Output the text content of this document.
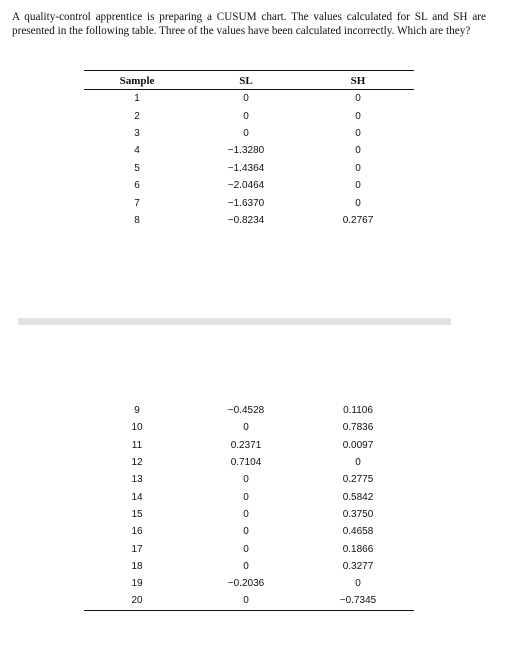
A quality-control apprentice is preparing a CUSUM chart. The values calculated for SL and SH are presented in the following table. Three of the values have been calculated incorrectly. Which are they?

Sample	SL	SH
1	0	0
2	0	0
3	0	0
4	−1.3280	0
5	−1.4364	0
6	−2.0464	0
7	−1.6370	0
8	−0.8234	0.2767
9	−0.4528	0.1106
10	0	0.7836
11	0.2371	0.0097
12	0.7104	0
13	0	0.2775
14	0	0.5842
15	0	0.3750
16	0	0.4658
17	0	0.1866
18	0	0.3277
19	−0.2036	0
20	0	−0.7345
